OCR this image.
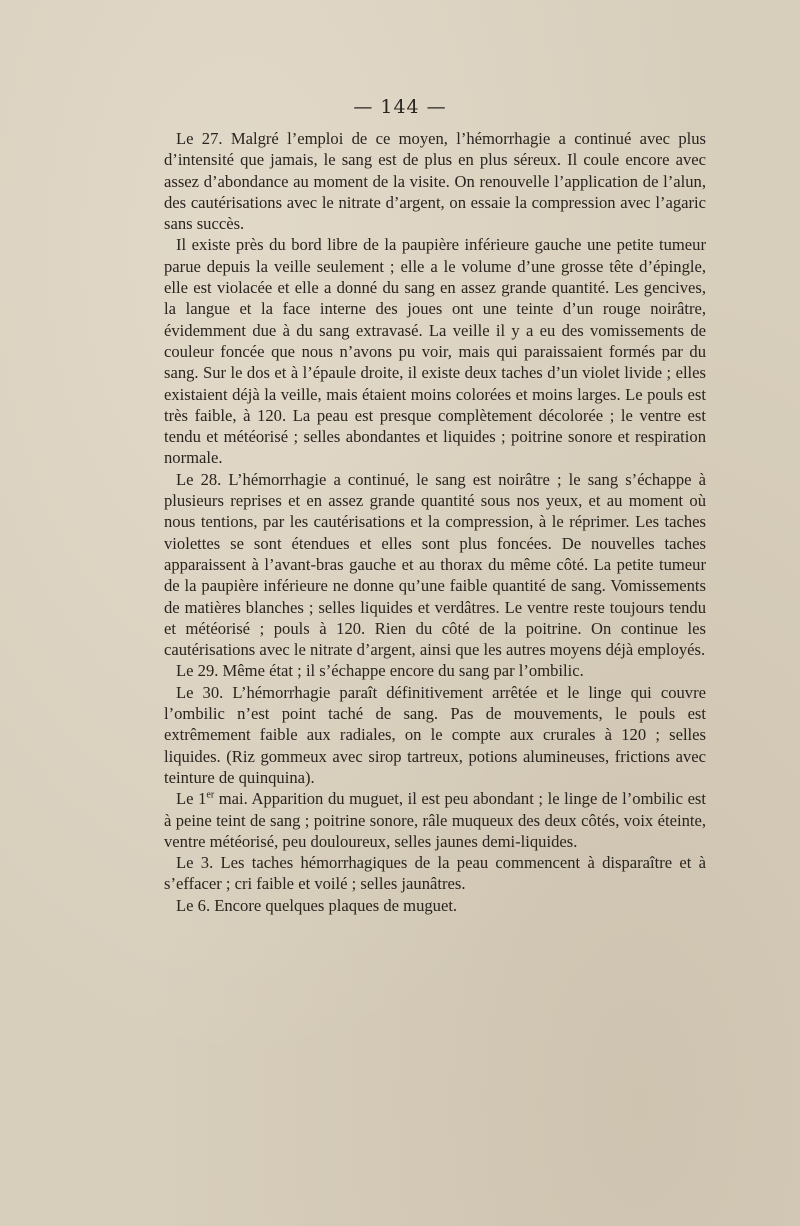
— 144 —

Le 27. Malgré l’emploi de ce moyen, l’hémorrhagie a continué avec plus d’intensité que jamais, le sang est de plus en plus séreux. Il coule encore avec assez d’abondance au moment de la visite. On renouvelle l’application de l’alun, des cautérisations avec le nitrate d’argent, on essaie la compression avec l’agaric sans succès.

Il existe près du bord libre de la paupière inférieure gauche une petite tumeur parue depuis la veille seulement ; elle a le volume d’une grosse tête d’épingle, elle est violacée et elle a donné du sang en assez grande quantité. Les gencives, la langue et la face interne des joues ont une teinte d’un rouge noirâtre, évidemment due à du sang extravasé. La veille il y a eu des vomissements de couleur foncée que nous n’avons pu voir, mais qui paraissaient formés par du sang. Sur le dos et à l’épaule droite, il existe deux taches d’un violet livide ; elles existaient déjà la veille, mais étaient moins colorées et moins larges. Le pouls est très faible, à 120. La peau est presque complètement décolorée ; le ventre est tendu et météorisé ; selles abondantes et liquides ; poitrine sonore et respiration normale.

Le 28. L’hémorrhagie a continué, le sang est noirâtre ; le sang s’échappe à plusieurs reprises et en assez grande quantité sous nos yeux, et au moment où nous tentions, par les cautérisations et la compression, à le réprimer. Les taches violettes se sont étendues et elles sont plus foncées. De nouvelles taches apparaissent à l’avant-bras gauche et au thorax du même côté. La petite tumeur de la paupière inférieure ne donne qu’une faible quantité de sang. Vomissements de matières blanches ; selles liquides et verdâtres. Le ventre reste toujours tendu et météorisé ; pouls à 120. Rien du côté de la poitrine. On continue les cautérisations avec le nitrate d’argent, ainsi que les autres moyens déjà employés.

Le 29. Même état ; il s’échappe encore du sang par l’ombilic.

Le 30. L’hémorrhagie paraît définitivement arrêtée et le linge qui couvre l’ombilic n’est point taché de sang. Pas de mouvements, le pouls est extrêmement faible aux radiales, on le compte aux crurales à 120 ; selles liquides. (Riz gommeux avec sirop tartreux, potions alumineuses, frictions avec teinture de quinquina).

Le 1er mai. Apparition du muguet, il est peu abondant ; le linge de l’ombilic est à peine teint de sang ; poitrine sonore, râle muqueux des deux côtés, voix éteinte, ventre météorisé, peu douloureux, selles jaunes demi-liquides.

Le 3. Les taches hémorrhagiques de la peau commencent à disparaître et à s’effacer ; cri faible et voilé ; selles jaunâtres.

Le 6. Encore quelques plaques de muguet.
